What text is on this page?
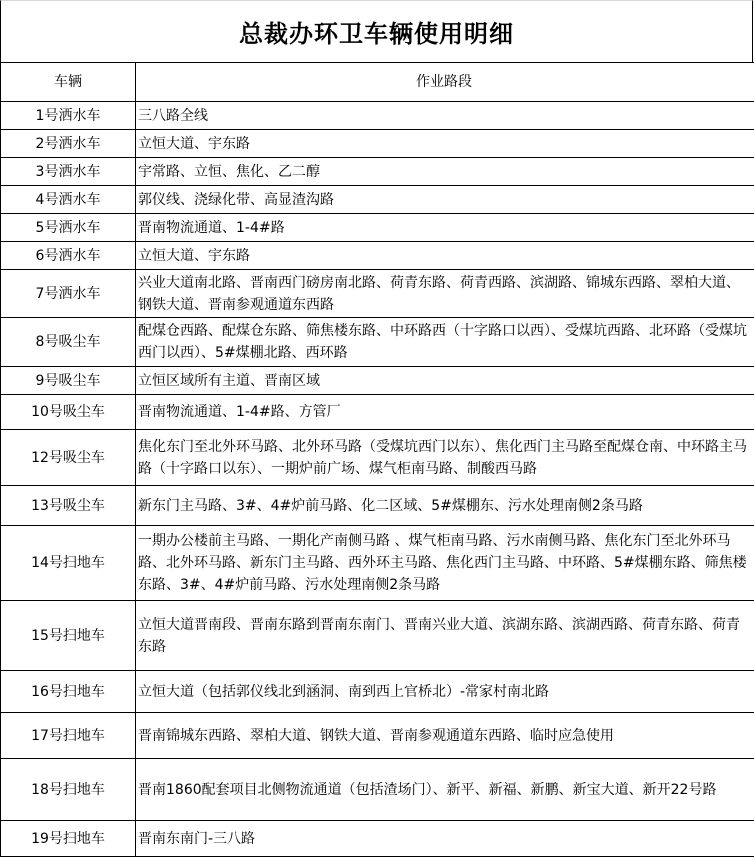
总裁办环卫车辆使用明细
车辆	作业路段
1号洒水车	三八路全线
2号洒水车	立恒大道、宇东路
3号洒水车	宇常路、立恒、焦化、乙二醇
4号洒水车	郭仪线、浇绿化带、高显渣沟路
5号洒水车	晋南物流通道、1-4#路
6号洒水车	立恒大道、宇东路
7号洒水车	兴业大道南北路、晋南西门磅房南北路、荷青东路、荷青西路、滨湖路、锦城东西路、翠柏大道、钢铁大道、晋南参观通道东西路
8号吸尘车	配煤仓西路、配煤仓东路、筛焦楼东路、中环路西（十字路口以西）、受煤坑西路、北环路（受煤坑西门以西）、5#煤棚北路、西环路
9号吸尘车	立恒区域所有主道、晋南区域
10号吸尘车	晋南物流通道、1-4#路、方管厂
12号吸尘车	焦化东门至北外环马路、北外环马路（受煤坑西门以东）、焦化西门主马路至配煤仓南、中环路主马路（十字路口以东）、一期炉前广场、煤气柜南马路、制酸西马路
13号吸尘车	新东门主马路、3#、4#炉前马路、化二区域、5#煤棚东、污水处理南侧2条马路
14号扫地车	一期办公楼前主马路、一期化产南侧马路 、煤气柜南马路、污水南侧马路、焦化东门至北外环马路、北外环马路、新东门主马路、西外环主马路、焦化西门主马路、中环路、5#煤棚东路、筛焦楼东路、3#、4#炉前马路、污水处理南侧2条马路
15号扫地车	立恒大道晋南段、晋南东路到晋南东南门、晋南兴业大道、滨湖东路、滨湖西路、荷青东路、荷青东路
16号扫地车	立恒大道（包括郭仪线北到涵洞、南到西上官桥北）-常家村南北路
17号扫地车	晋南锦城东西路、翠柏大道、钢铁大道、晋南参观通道东西路、临时应急使用
18号扫地车	晋南1860配套项目北侧物流通道（包括渣场门）、新平、新福、新鹏、新宝大道、新开22号路
19号扫地车	晋南东南门-三八路
